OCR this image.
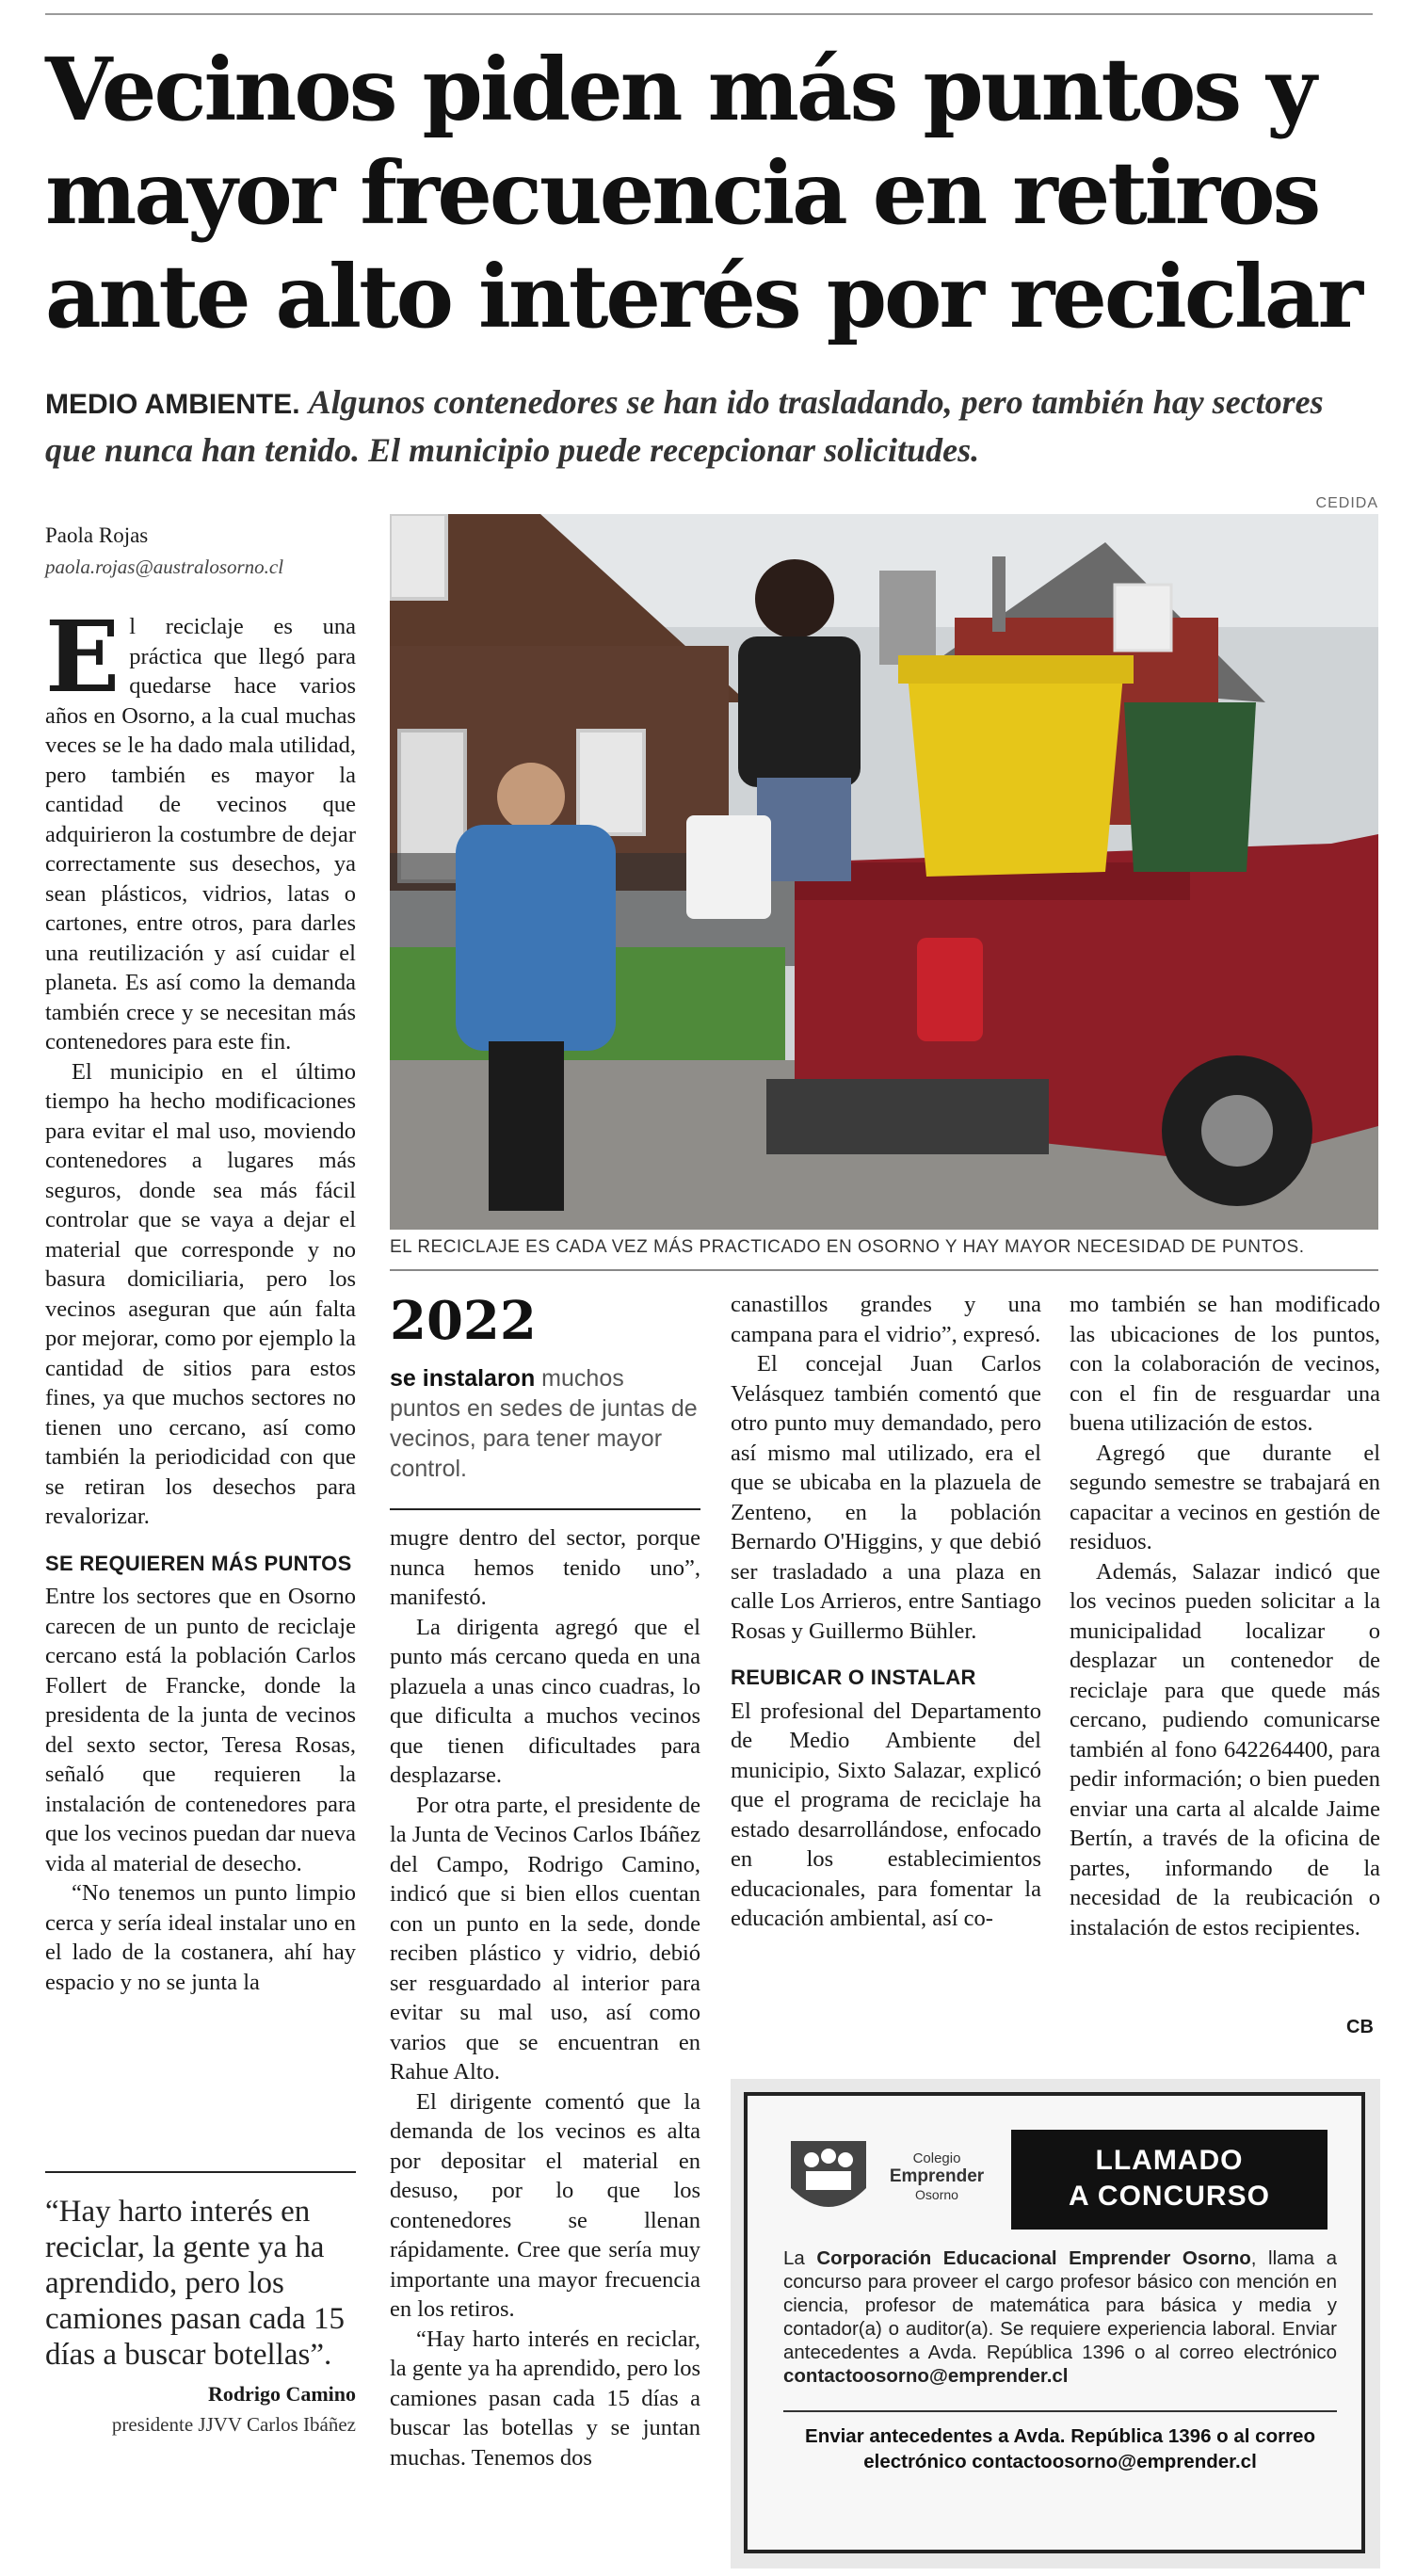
Vecinos piden más puntos y mayor frecuencia en retiros ante alto interés por reciclar
MEDIO AMBIENTE. Algunos contenedores se han ido trasladando, pero también hay sectores que nunca han tenido. El municipio puede recepcionar solicitudes.
CEDIDA
Paola Rojas
paola.rojas@australosorno.cl
EL RECICLAJE ES CADA VEZ MÁS PRACTICADO EN OSORNO Y HAY MAYOR NECESIDAD DE PUNTOS.

El reciclaje es una práctica que llegó para quedarse hace varios años en Osorno, a la cual muchas veces se le ha dado mala utilidad, pero también es mayor la cantidad de vecinos que adquirieron la costumbre de dejar correctamente sus desechos, ya sean plásticos, vidrios, latas o cartones, entre otros, para darles una reutilización y así cuidar el planeta. Es así como la demanda también crece y se necesitan más contenedores para este fin.

El municipio en el último tiempo ha hecho modificaciones para evitar el mal uso, moviendo contenedores a lugares más seguros, donde sea más fácil controlar que se vaya a dejar el material que corresponde y no basura domiciliaria, pero los vecinos aseguran que aún falta por mejorar, como por ejemplo la cantidad de sitios para estos fines, ya que muchos sectores no tienen uno cercano, así como también la periodicidad con que se retiran los desechos para revalorizar.

SE REQUIEREN MÁS PUNTOS

Entre los sectores que en Osorno carecen de un punto de reciclaje cercano está la población Carlos Follert de Francke, donde la presidenta de la junta de vecinos del sexto sector, Teresa Rosas, señaló que requieren la instalación de contenedores para que los vecinos puedan dar nueva vida al material de desecho.

“No tenemos un punto limpio cerca y sería ideal instalar uno en el lado de la costanera, ahí hay espacio y no se junta la

“Hay harto interés en reciclar, la gente ya ha aprendido, pero los camiones pasan cada 15 días a buscar botellas”.
Rodrigo Camino
presidente JJVV Carlos Ibáñez
2022
se instalaron muchos puntos en sedes de juntas de vecinos, para tener mayor control.

mugre dentro del sector, porque nunca hemos tenido uno”, manifestó.

La dirigenta agregó que el punto más cercano queda en una plazuela a unas cinco cuadras, lo que dificulta a muchos vecinos que tienen dificultades para desplazarse.

Por otra parte, el presidente de la Junta de Vecinos Carlos Ibáñez del Campo, Rodrigo Camino, indicó que si bien ellos cuentan con un punto en la sede, donde reciben plástico y vidrio, debió ser resguardado al interior para evitar su mal uso, así como varios que se encuentran en Rahue Alto.

El dirigente comentó que la demanda de los vecinos es alta por depositar el material en desuso, por lo que los contenedores se llenan rápidamente. Cree que sería muy importante una mayor frecuencia en los retiros.

“Hay harto interés en reciclar, la gente ya ha aprendido, pero los camiones pasan cada 15 días a buscar las botellas y se juntan muchas. Tenemos dos

canastillos grandes y una campana para el vidrio”, expresó.

El concejal Juan Carlos Velásquez también comentó que otro punto muy demandado, pero así mismo mal utilizado, era el que se ubicaba en la plazuela de Zenteno, en la población Bernardo O'Higgins, y que debió ser trasladado a una plaza en calle Los Arrieros, entre Santiago Rosas y Guillermo Bühler.

REUBICAR O INSTALAR

El profesional del Departamento de Medio Ambiente del municipio, Sixto Salazar, explicó que el programa de reciclaje ha estado desarrollándose, enfocado en los establecimientos educacionales, para fomentar la educación ambiental, así co-

mo también se han modificado las ubicaciones de los puntos, con la colaboración de vecinos, con el fin de resguardar una buena utilización de estos.

Agregó que durante el segundo semestre se trabajará en capacitar a vecinos en gestión de residuos.

Además, Salazar indicó que los vecinos pueden solicitar a la municipalidad localizar o desplazar un contenedor de reciclaje para que quede más cercano, pudiendo comunicarse también al fono 642264400, para pedir información; o bien pueden enviar una carta al alcalde Jaime Bertín, a través de la oficina de partes, informando de la necesidad de la reubicación o instalación de estos recipientes.

CB
Colegio
Emprender
Osorno
LLAMADO
A CONCURSO
La Corporación Educacional Emprender Osorno, llama a concurso para proveer el cargo profesor básico con mención en ciencia, profesor de matemática para básica y media y contador(a) o auditor(a). Se requiere experiencia laboral. Enviar antecedentes a Avda. República 1396 o al correo electrónico contactoosorno@emprender.cl
Enviar antecedentes a Avda. República 1396 o al correo electrónico contactoosorno@emprender.cl
